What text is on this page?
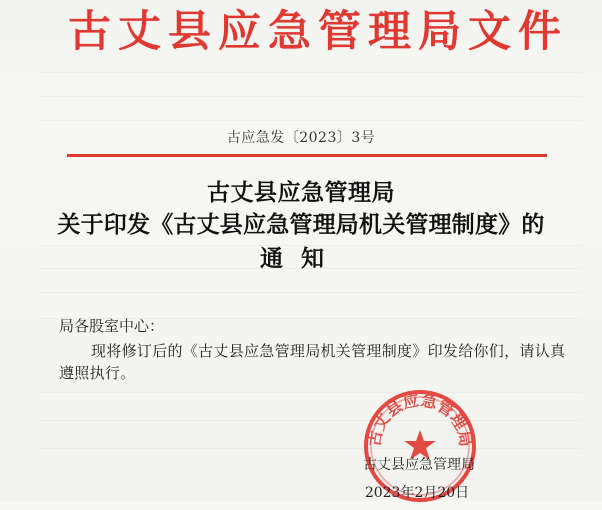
古丈县应急管理局文件
古应急发〔2023〕3号
古丈县应急管理局
关于印发《古丈县应急管理局机关管理制度》的
通知
局各股室中心：
现将修订后的《古丈县应急管理局机关管理制度》印发给你们，请认真遵照执行。
古丈县应急管理局
古丈县应急管理局
2023年2月20日
